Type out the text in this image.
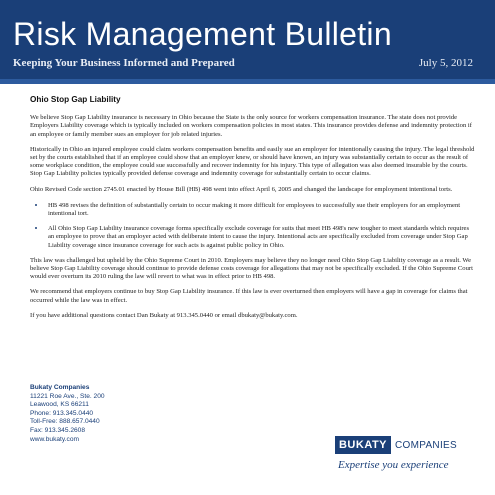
Risk Management Bulletin
Keeping Your Business Informed and Prepared	July 5, 2012
Ohio Stop Gap Liability

We believe Stop Gap Liability insurance is necessary in Ohio because the State is the only source for workers compensation insurance. The state does not provide Employers Liability coverage which is typically included on workers compensation policies in most states. This insurance provides defense and indemnity protection if an employee or family member sues an employer for job related injuries.

Historically in Ohio an injured employee could claim workers compensation benefits and easily sue an employer for intentionally causing the injury. The legal threshold set by the courts established that if an employee could show that an employer knew, or should have known, an injury was substantially certain to occur as the result of some workplace condition, the employee could sue successfully and recover indemnity for his injury. This type of allegation was also deemed insurable by the courts. Stop Gap Liability policies typically provided defense coverage and indemnity coverage for substantially certain to occur claims.

Ohio Revised Code section 2745.01 enacted by House Bill (HB) 498 went into effect April 6, 2005 and changed the landscape for employment intentional torts.

• HB 498 revises the definition of substantially certain to occur making it more difficult for employees to successfully sue their employers for an employment intentional tort.
• All Ohio Stop Gap Liability insurance coverage forms specifically exclude coverage for suits that meet HB 498's new tougher to meet standards which requires an employee to prove that an employer acted with deliberate intent to cause the injury. Intentional acts are specifically excluded from coverage under Stop Gap Liability coverage since insurance coverage for such acts is against public policy in Ohio.

This law was challenged but upheld by the Ohio Supreme Court in 2010. Employers may believe they no longer need Ohio Stop Gap Liability coverage as a result. We believe Stop Gap Liability coverage should continue to provide defense costs coverage for allegations that may not be specifically excluded. If the Ohio Supreme Court would ever overturn its 2010 ruling the law will revert to what was in effect prior to HB 498.

We recommend that employers continue to buy Stop Gap Liability insurance. If this law is ever overturned then employers will have a gap in coverage for claims that occurred while the law was in effect.

If you have additional questions contact Dan Bukaty at 913.345.0440 or email dbukaty@bukaty.com.

Bukaty Companies
11221 Roe Ave., Ste. 200
Leawood, KS 66211
Phone: 913.345.0440
Toll-Free: 888.657.0440
Fax: 913.345.2608
www.bukaty.com	BUKATY COMPANIES
Expertise you experience
